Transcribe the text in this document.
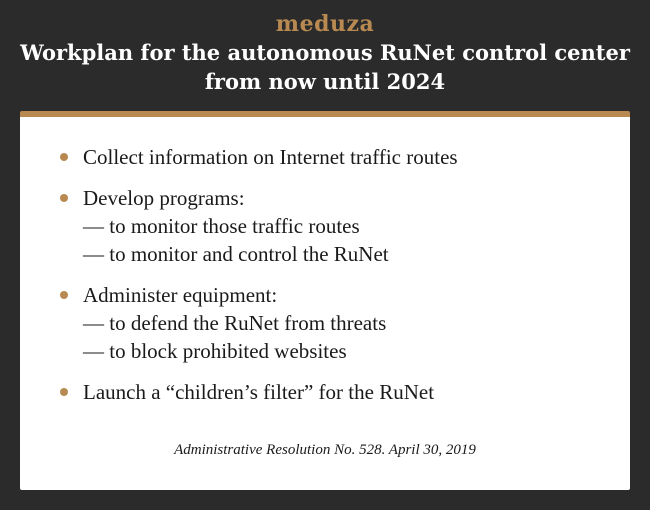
meduza
Workplan for the autonomous RuNet control center
from now until 2024
Collect information on Internet traffic routes
Develop programs:
— to monitor those traffic routes
— to monitor and control the RuNet
Administer equipment:
— to defend the RuNet from threats
— to block prohibited websites
Launch a “children’s filter” for the RuNet
Administrative Resolution No. 528. April 30, 2019
